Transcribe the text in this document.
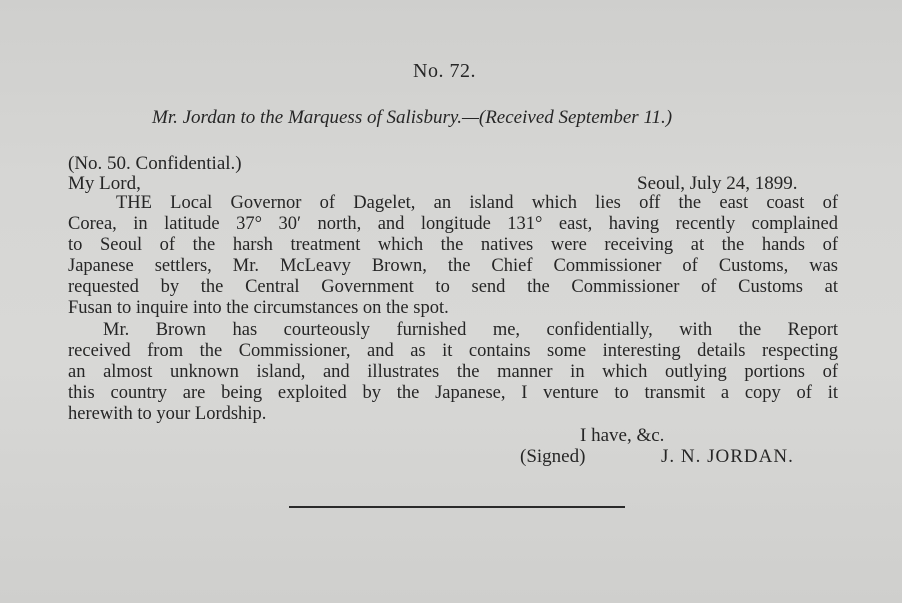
No. 72.
Mr. Jordan to the Marquess of Salisbury.—(Received September 11.)
(No. 50. Confidential.)
My Lord,	Seoul, July 24, 1899.
THE Local Governor of Dagelet, an island which lies off the east coast of
Corea, in latitude 37° 30′ north, and longitude 131° east, having recently complained
to Seoul of the harsh treatment which the natives were receiving at the hands of
Japanese settlers, Mr. McLeavy Brown, the Chief Commissioner of Customs, was
requested by the Central Government to send the Commissioner of Customs at
Fusan to inquire into the circumstances on the spot.
Mr. Brown has courteously furnished me, confidentially, with the Report
received from the Commissioner, and as it contains some interesting details respecting
an almost unknown island, and illustrates the manner in which outlying portions of
this country are being exploited by the Japanese, I venture to transmit a copy of it
herewith to your Lordship.
I have, &c.
(Signed)	J. N. JORDAN.
